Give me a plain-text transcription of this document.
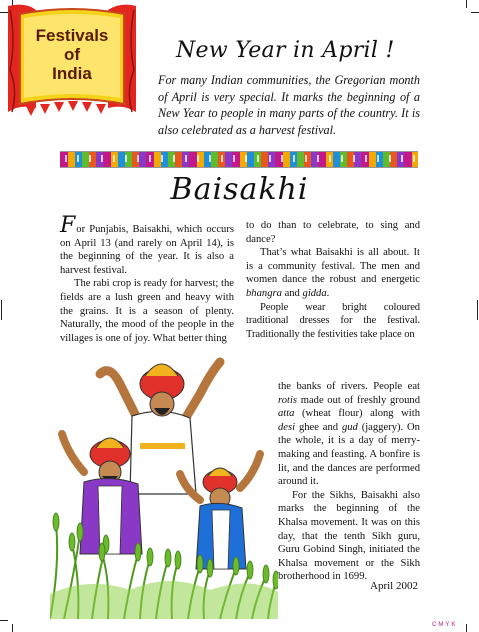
Festivals
of
India
New Year in April !
For many Indian communities, the Gregorian month of April is very special. It marks the beginning of a New Year to people in many parts of the country. It is also celebrated as a harvest festival.
Baisakhi

For Punjabis, Baisakhi, which occurs on April 13 (and rarely on April 14), is the beginning of the year. It is also a harvest festival.

The rabi crop is ready for harvest; the fields are a lush green and heavy with the grains. It is a season of plenty. Naturally, the mood of the people in the villages is one of joy. What better thing

to do than to celebrate, to sing and dance?

That’s what Baisakhi is all about. It is a community festival. The men and women dance the robust and energetic bhangra and gidda.

People wear bright coloured traditional dresses for the festival. Traditionally the festivities take place on

the banks of rivers. People eat rotis made out of freshly ground atta (wheat flour) along with desi ghee and gud (jaggery). On the whole, it is a day of merry-making and feasting. A bonfire is lit, and the dances are performed around it.

For the Sikhs, Baisakhi also marks the beginning of the Khalsa movement. It was on this day, that the tenth Sikh guru, Guru Gobind Singh, initiated the Khalsa movement or the Sikh brotherhood in 1699.

April 2002
CMYK
